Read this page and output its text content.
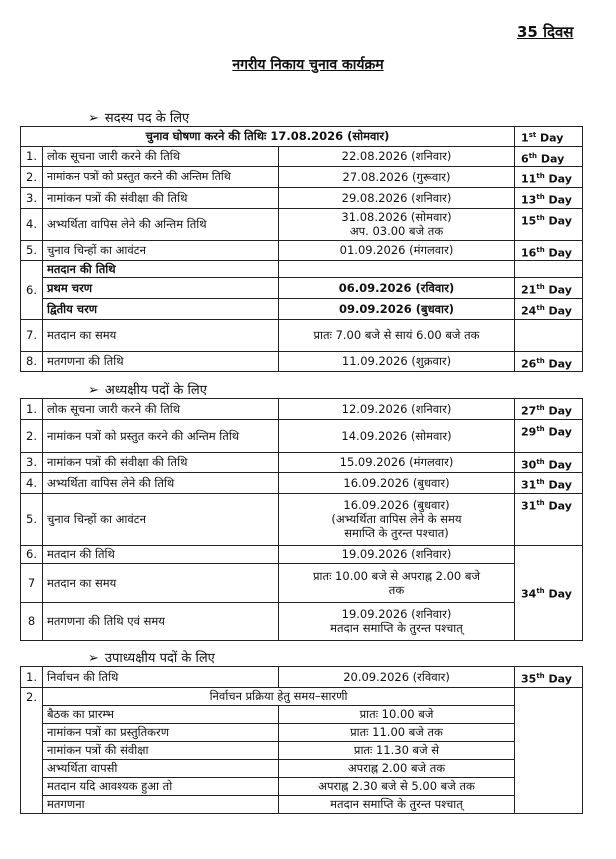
35 दिवस
नगरीय निकाय चुनाव कार्यक्रम
➢ सदस्य पद के लिए
चुनाव घोषणा करने की तिथिः 17.08.2026 (सोमवार)			1st Day
1.	लोक सूचना जारी करने की तिथि	22.08.2026 (शनिवार)	6th Day
2.	नामांकन पत्रों को प्रस्तुत करने की अन्तिम तिथि	27.08.2026 (गुरूवार)	11th Day
3.	नामांकन पत्रों की संवीक्षा की तिथि	29.08.2026 (शनिवार)	13th Day
4.	अभ्यर्थिता वापिस लेने की अन्तिम तिथि	31.08.2026 (सोमवार)
अप. 03.00 बजे तक	15th Day
5.	चुनाव चिन्हों का आवंटन	01.09.2026 (मंगलवार)	16th Day
6.	मतदान की तिथि		
	प्रथम चरण	06.09.2026 (रविवार)	21th Day
	द्वितीय चरण	09.09.2026 (बुधवार)	24th Day
7.	मतदान का समय	प्रातः 7.00 बजे से सायं 6.00 बजे तक	
8.	मतगणना की तिथि	11.09.2026 (शुक्रवार)	26th Day
➢ अध्यक्षीय पदों के लिए
1.	लोक सूचना जारी करने की तिथि	12.09.2026 (शनिवार)	27th Day
2.	नामांकन पत्रों को प्रस्तुत करने की अन्तिम तिथि	14.09.2026 (सोमवार)	29th Day
3.	नामांकन पत्रों की संवीक्षा की तिथि	15.09.2026 (मंगलवार)	30th Day
4.	अभ्यर्थिता वापिस लेने की तिथि	16.09.2026 (बुधवार)	31th Day
5.	चुनाव चिन्हों का आवंटन	16.09.2026 (बुधवार)
(अभ्यर्थिता वापिस लेने के समय
समाप्ति के तुरन्त पश्चात)	31th Day
6.	मतदान की तिथि	19.09.2026 (शनिवार)	34th Day
7	मतदान का समय	प्रातः 10.00 बजे से अपराह्न 2.00 बजे
तक	

8	मतगणना की तिथि एवं समय	19.09.2026 (शनिवार)
मतदान समाप्ति के तुरन्त पश्चात्	
➢ उपाध्यक्षीय पदों के लिए
1.	निर्वाचन की तिथि	20.09.2026 (रविवार)	35th Day
2.	निर्वाचन प्रक्रिया हेतु समय–सारणी		
	बैठक का प्रारम्भ	प्रातः 10.00 बजे	
	नामांकन पत्रों का प्रस्तुतिकरण	प्रातः 11.00 बजे तक	
	नामांकन पत्रों की संवीक्षा	प्रातः 11.30 बजे से	
	अभ्यर्थिता वापसी	अपराह्न 2.00 बजे तक	
	मतदान यदि आवश्यक हुआ तो	अपराह्न 2.30 बजे से 5.00 बजे तक	
	मतगणना	मतदान समाप्ति के तुरन्त पश्चात्	
